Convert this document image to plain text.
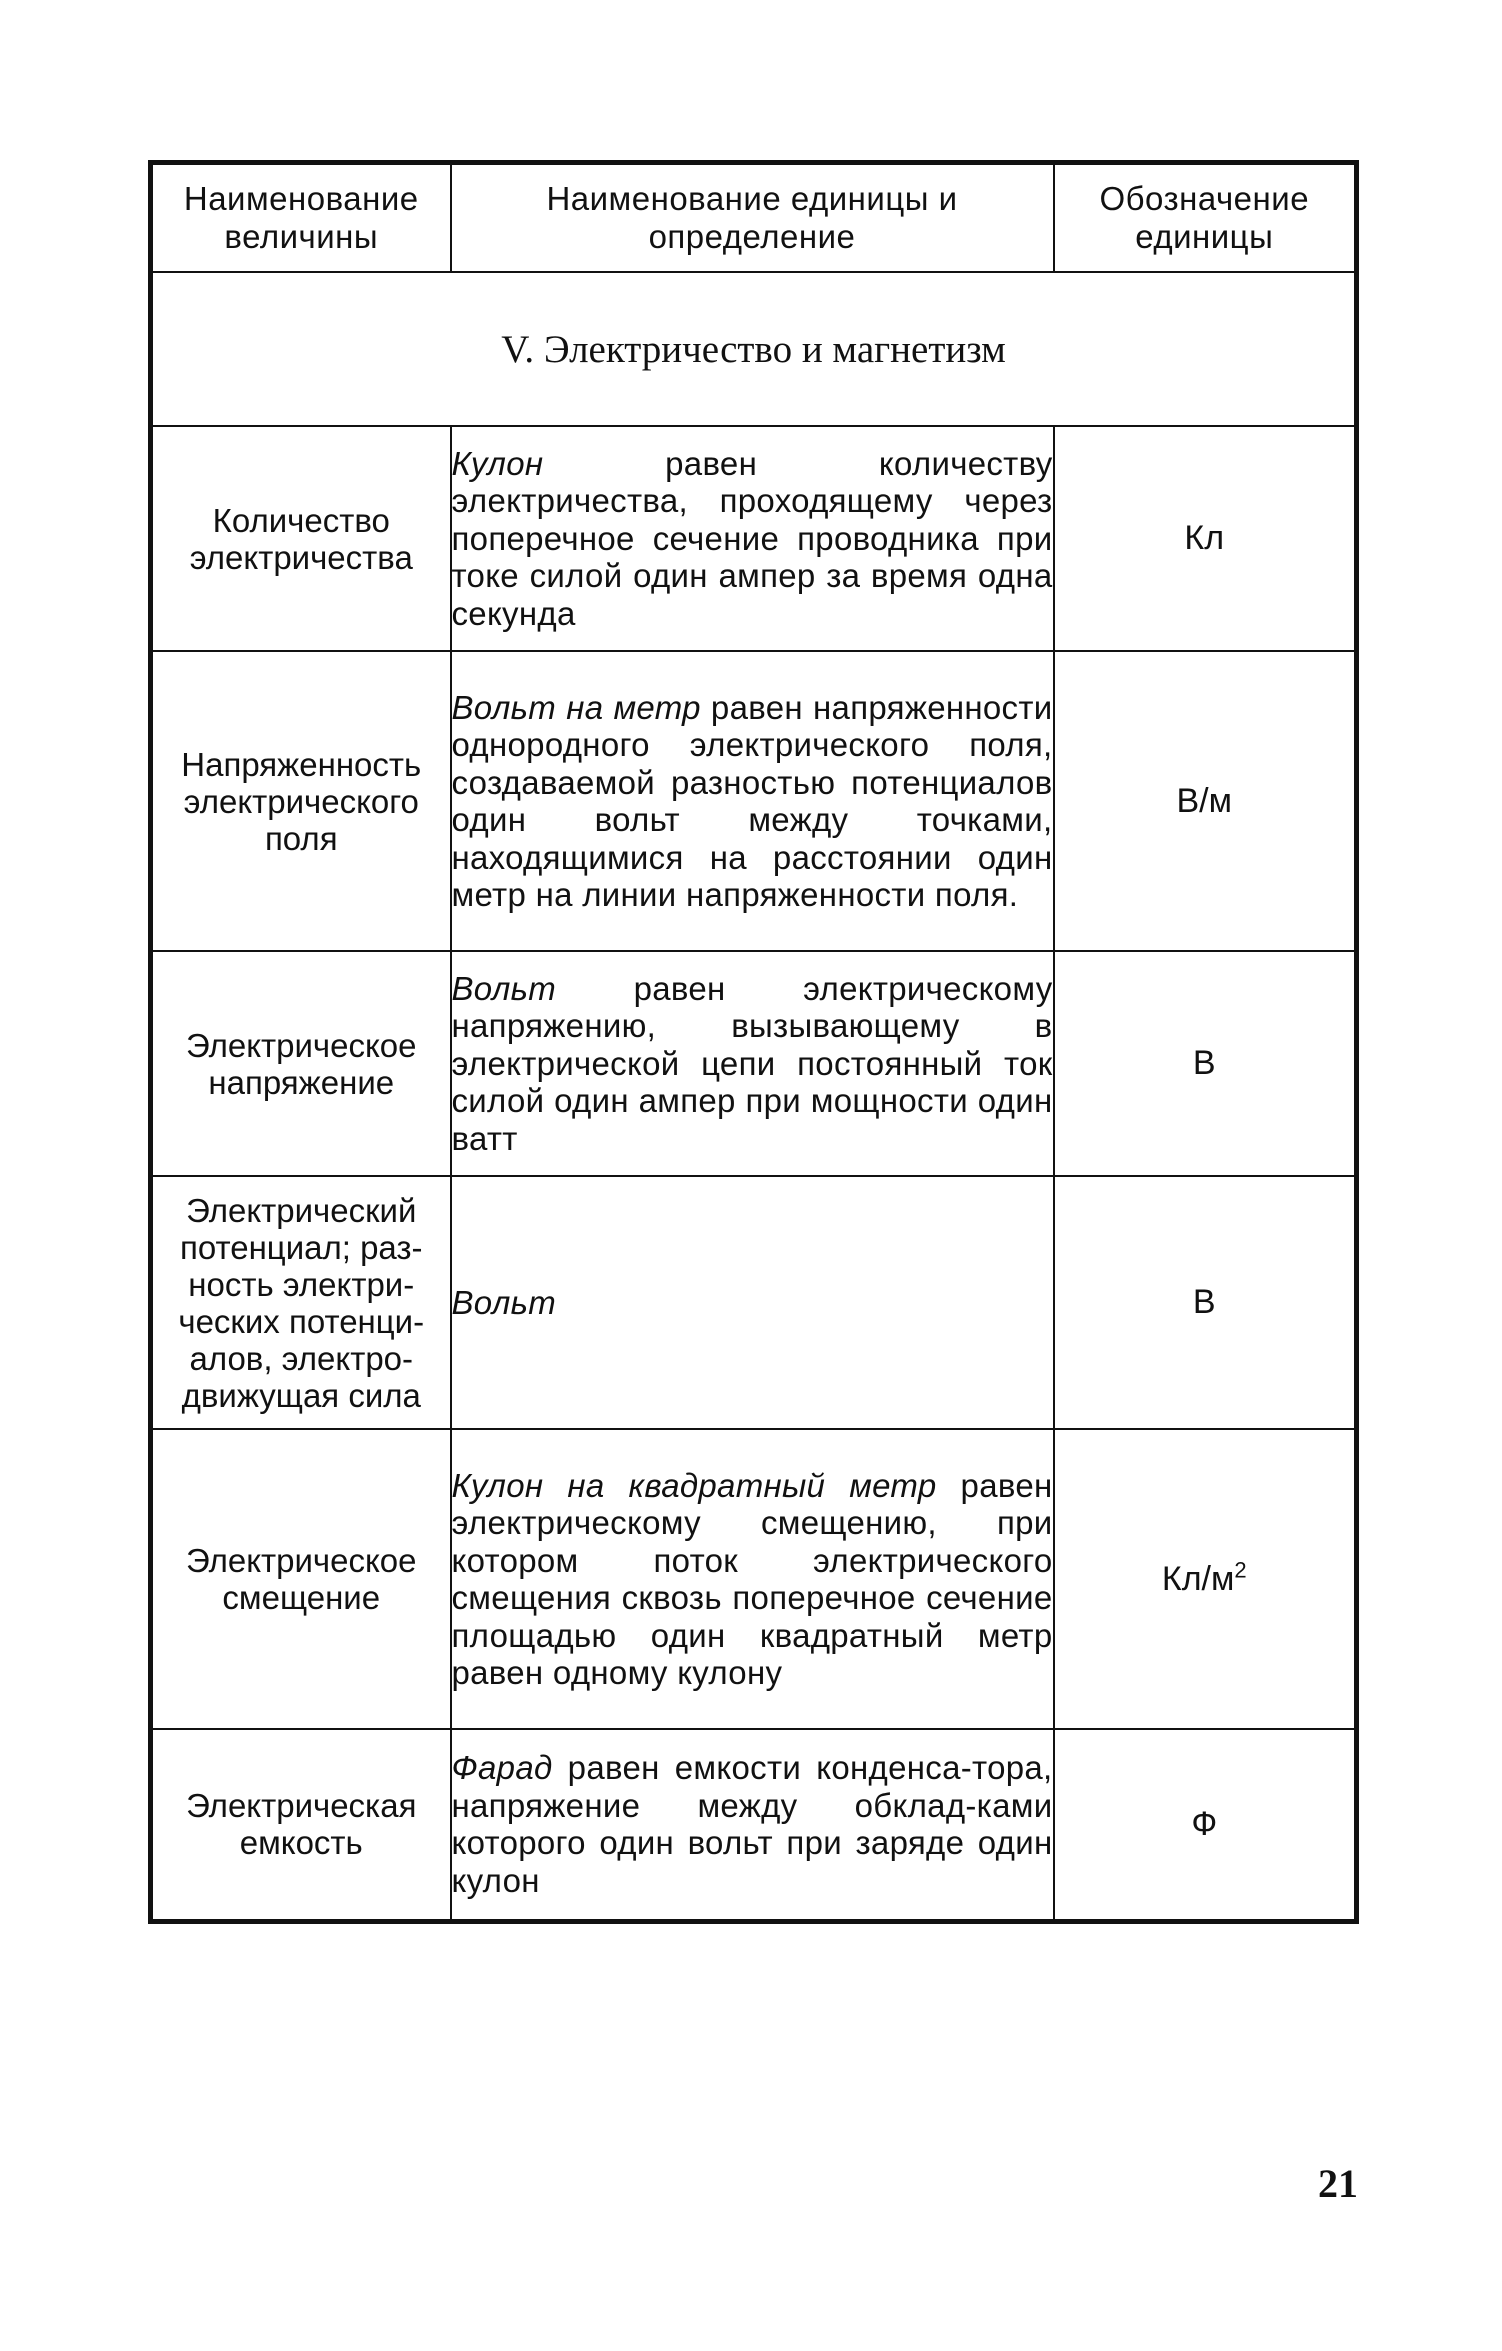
Наименование величины	Наименование единицы и определение	Обозначение единицы
V. Электричество и магнетизм		
Количество электричества	Кулон равен количеству электричества, проходящему через поперечное сечение проводника при токе силой один ампер за время одна секунда	Кл
Напряженность электрического поля	Вольт на метр равен напряженности однородного электрического поля, создаваемой разностью потенциалов один вольт между точками, находящимися на расстоянии один метр на линии напряженности поля.	В/м
Электрическое напряжение	Вольт равен электрическому напряжению, вызывающему в электрической цепи постоянный ток силой один ампер при мощности один ватт	В
Электрический потенциал; раз-ность электри-ческих потенци-алов, электро-движущая сила	Вольт	В
Электрическое смещение	Кулон на квадратный метр равен электрическому смещению, при котором поток электрического смещения сквозь поперечное сечение площадью один квадратный метр равен одному кулону	$Кл/м^2$
Электрическая емкость	Фарад равен емкости конденса-тора, напряжение между обклад-ками которого один вольт при заряде один кулон	Ф
21
